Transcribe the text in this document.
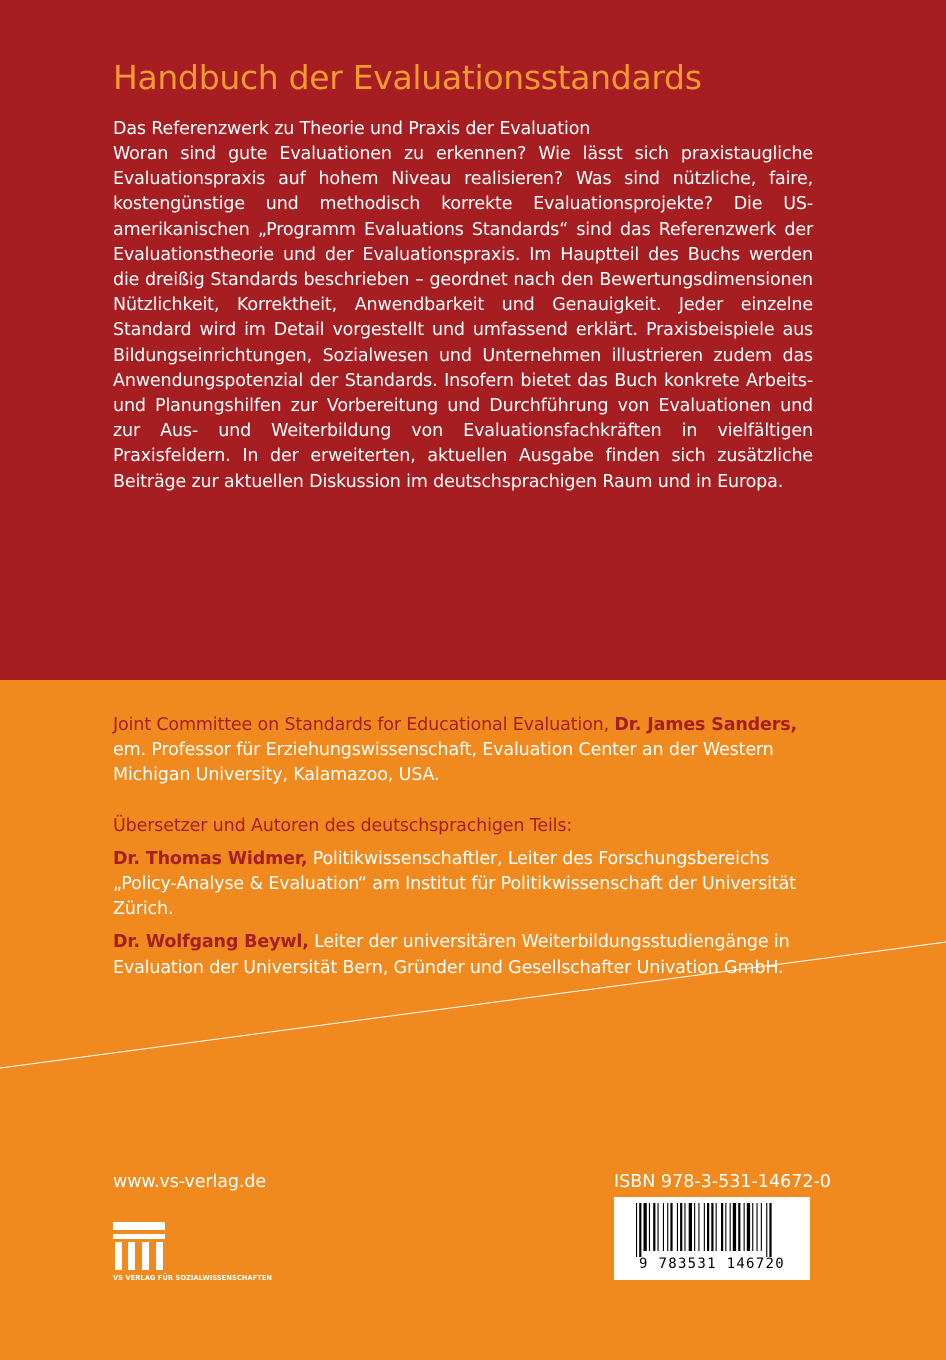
Handbuch der Evaluationsstandards

Das Referenzwerk zu Theorie und Praxis der Evaluation

Woran sind gute Evaluationen zu erkennen? Wie lässt sich praxistaugliche Evaluationspraxis auf hohem Niveau realisieren? Was sind nützliche, faire, kostengünstige und methodisch korrekte Evaluationsprojekte? Die US-amerikanischen „Programm Evaluations Standards“ sind das Referenzwerk der Evaluationstheorie und der Evaluationspraxis. Im Hauptteil des Buchs werden die dreißig Standards beschrieben – geordnet nach den Bewertungsdimensionen Nützlichkeit, Korrektheit, Anwendbarkeit und Genauigkeit. Jeder einzelne Standard wird im Detail vorgestellt und umfassend erklärt. Praxisbeispiele aus Bildungseinrichtungen, Sozialwesen und Unternehmen illustrieren zudem das Anwendungspotenzial der Standards. Insofern bietet das Buch konkrete Arbeits- und Planungshilfen zur Vorbereitung und Durchführung von Evaluationen und zur Aus- und Weiterbildung von Evaluationsfachkräften in vielfältigen Praxisfeldern. In der erweiterten, aktuellen Ausgabe finden sich zusätzliche Beiträge zur aktuellen Diskussion im deutschsprachigen Raum und in Europa.

Joint Committee on Standards for Educational Evaluation, Dr. James Sanders, em. Professor für Erziehungswissenschaft, Evaluation Center an der Western Michigan University, Kalamazoo, USA.

Übersetzer und Autoren des deutschsprachigen Teils:

Dr. Thomas Widmer, Politikwissenschaftler, Leiter des Forschungsbereichs „Policy-Analyse & Evaluation“ am Institut für Politikwissenschaft der Universität Zürich.

Dr. Wolfgang Beywl, Leiter der universitären Weiterbildungsstudiengänge in Evaluation der Universität Bern, Gründer und Gesellschafter Univation GmbH.

www.vs-verlag.de	ISBN 978-3-531-14672-0
9 783531 146720
VS VERLAG FÜR SOZIALWISSENSCHAFTEN
